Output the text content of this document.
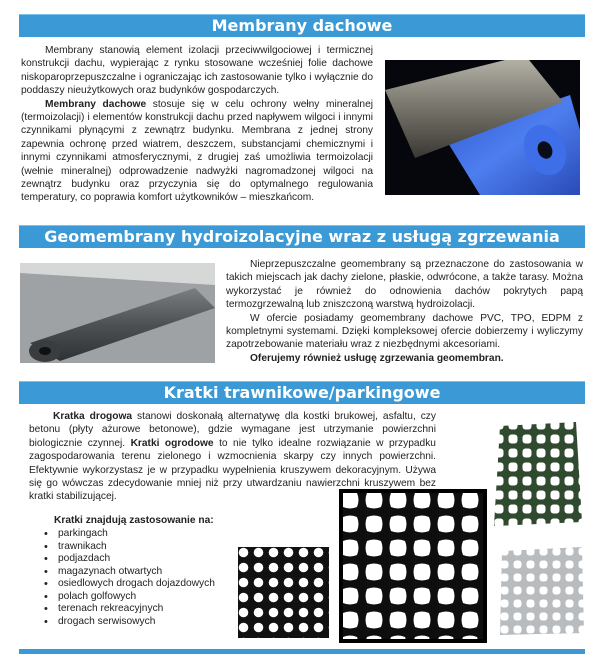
Membrany dachowe

Membrany stanowią element izolacji przeciwwilgociowej i termicznej konstrukcji dachu, wypierając z rynku stosowane wcześniej folie dachowe niskoparoprzepuszczalne i ograniczając ich zastosowanie tylko i wyłącznie do poddaszy nieużytkowych oraz budynków gospodarczych.

Membrany dachowe stosuje się w celu ochrony wełny mineralnej (termoizolacji) i elementów konstrukcji dachu przed napływem wilgoci i innymi czynnikami płynącymi z zewnątrz budynku. Membrana z jednej strony zapewnia ochronę przed wiatrem, deszczem, substancjami chemicznymi i innymi czynnikami atmosferycznymi, z drugiej zaś umożliwia termoizolacji (wełnie mineralnej) odprowadzenie nadwyżki nagromadzonej wilgoci na zewnątrz budynku oraz przyczynia się do optymalnego regulowania temperatury, co poprawia komfort użytkowników – mieszkańcom.

Geomembrany hydroizolacyjne wraz z usługą zgrzewania

Nieprzepuszczalne geomembrany są przeznaczone do zastosowania w takich miejscach jak dachy zielone, płaskie, odwrócone, a także tarasy. Można wykorzystać je również do odnowienia dachów pokrytych papą termozgrzewalną lub zniszczoną warstwą hydroizolacji.

W ofercie posiadamy geomembrany dachowe PVC, TPO, EDPM z kompletnymi systemami. Dzięki kompleksowej ofercie dobierzemy i wyliczymy zapotrzebowanie materiału wraz z niezbędnymi akcesoriami.

Oferujemy również usługę zgrzewania geomembran.

Kratki trawnikowe/parkingowe

Kratka drogowa stanowi doskonałą alternatywę dla kostki brukowej, asfaltu, czy betonu (płyty ażurowe betonowe), gdzie wymagane jest utrzymanie powierzchni biologicznie czynnej. Kratki ogrodowe to nie tylko idealne rozwiązanie w przypadku zagospodarowania terenu zielonego i wzmocnienia skarpy czy innych powierzchni. Efektywnie wykorzystasz je w przypadku wypełnienia kruszywem dekoracyjnym. Używa się go wówczas zdecydowanie mniej niż przy utwardzaniu nawierzchni kruszywem bez kratki stabilizującej.

Kratki znajdują zastosowanie na:
• parkingach
• trawnikach
• podjazdach
• magazynach otwartych
• osiedlowych drogach dojazdowych
• polach golfowych
• terenach rekreacyjnych
• drogach serwisowych
